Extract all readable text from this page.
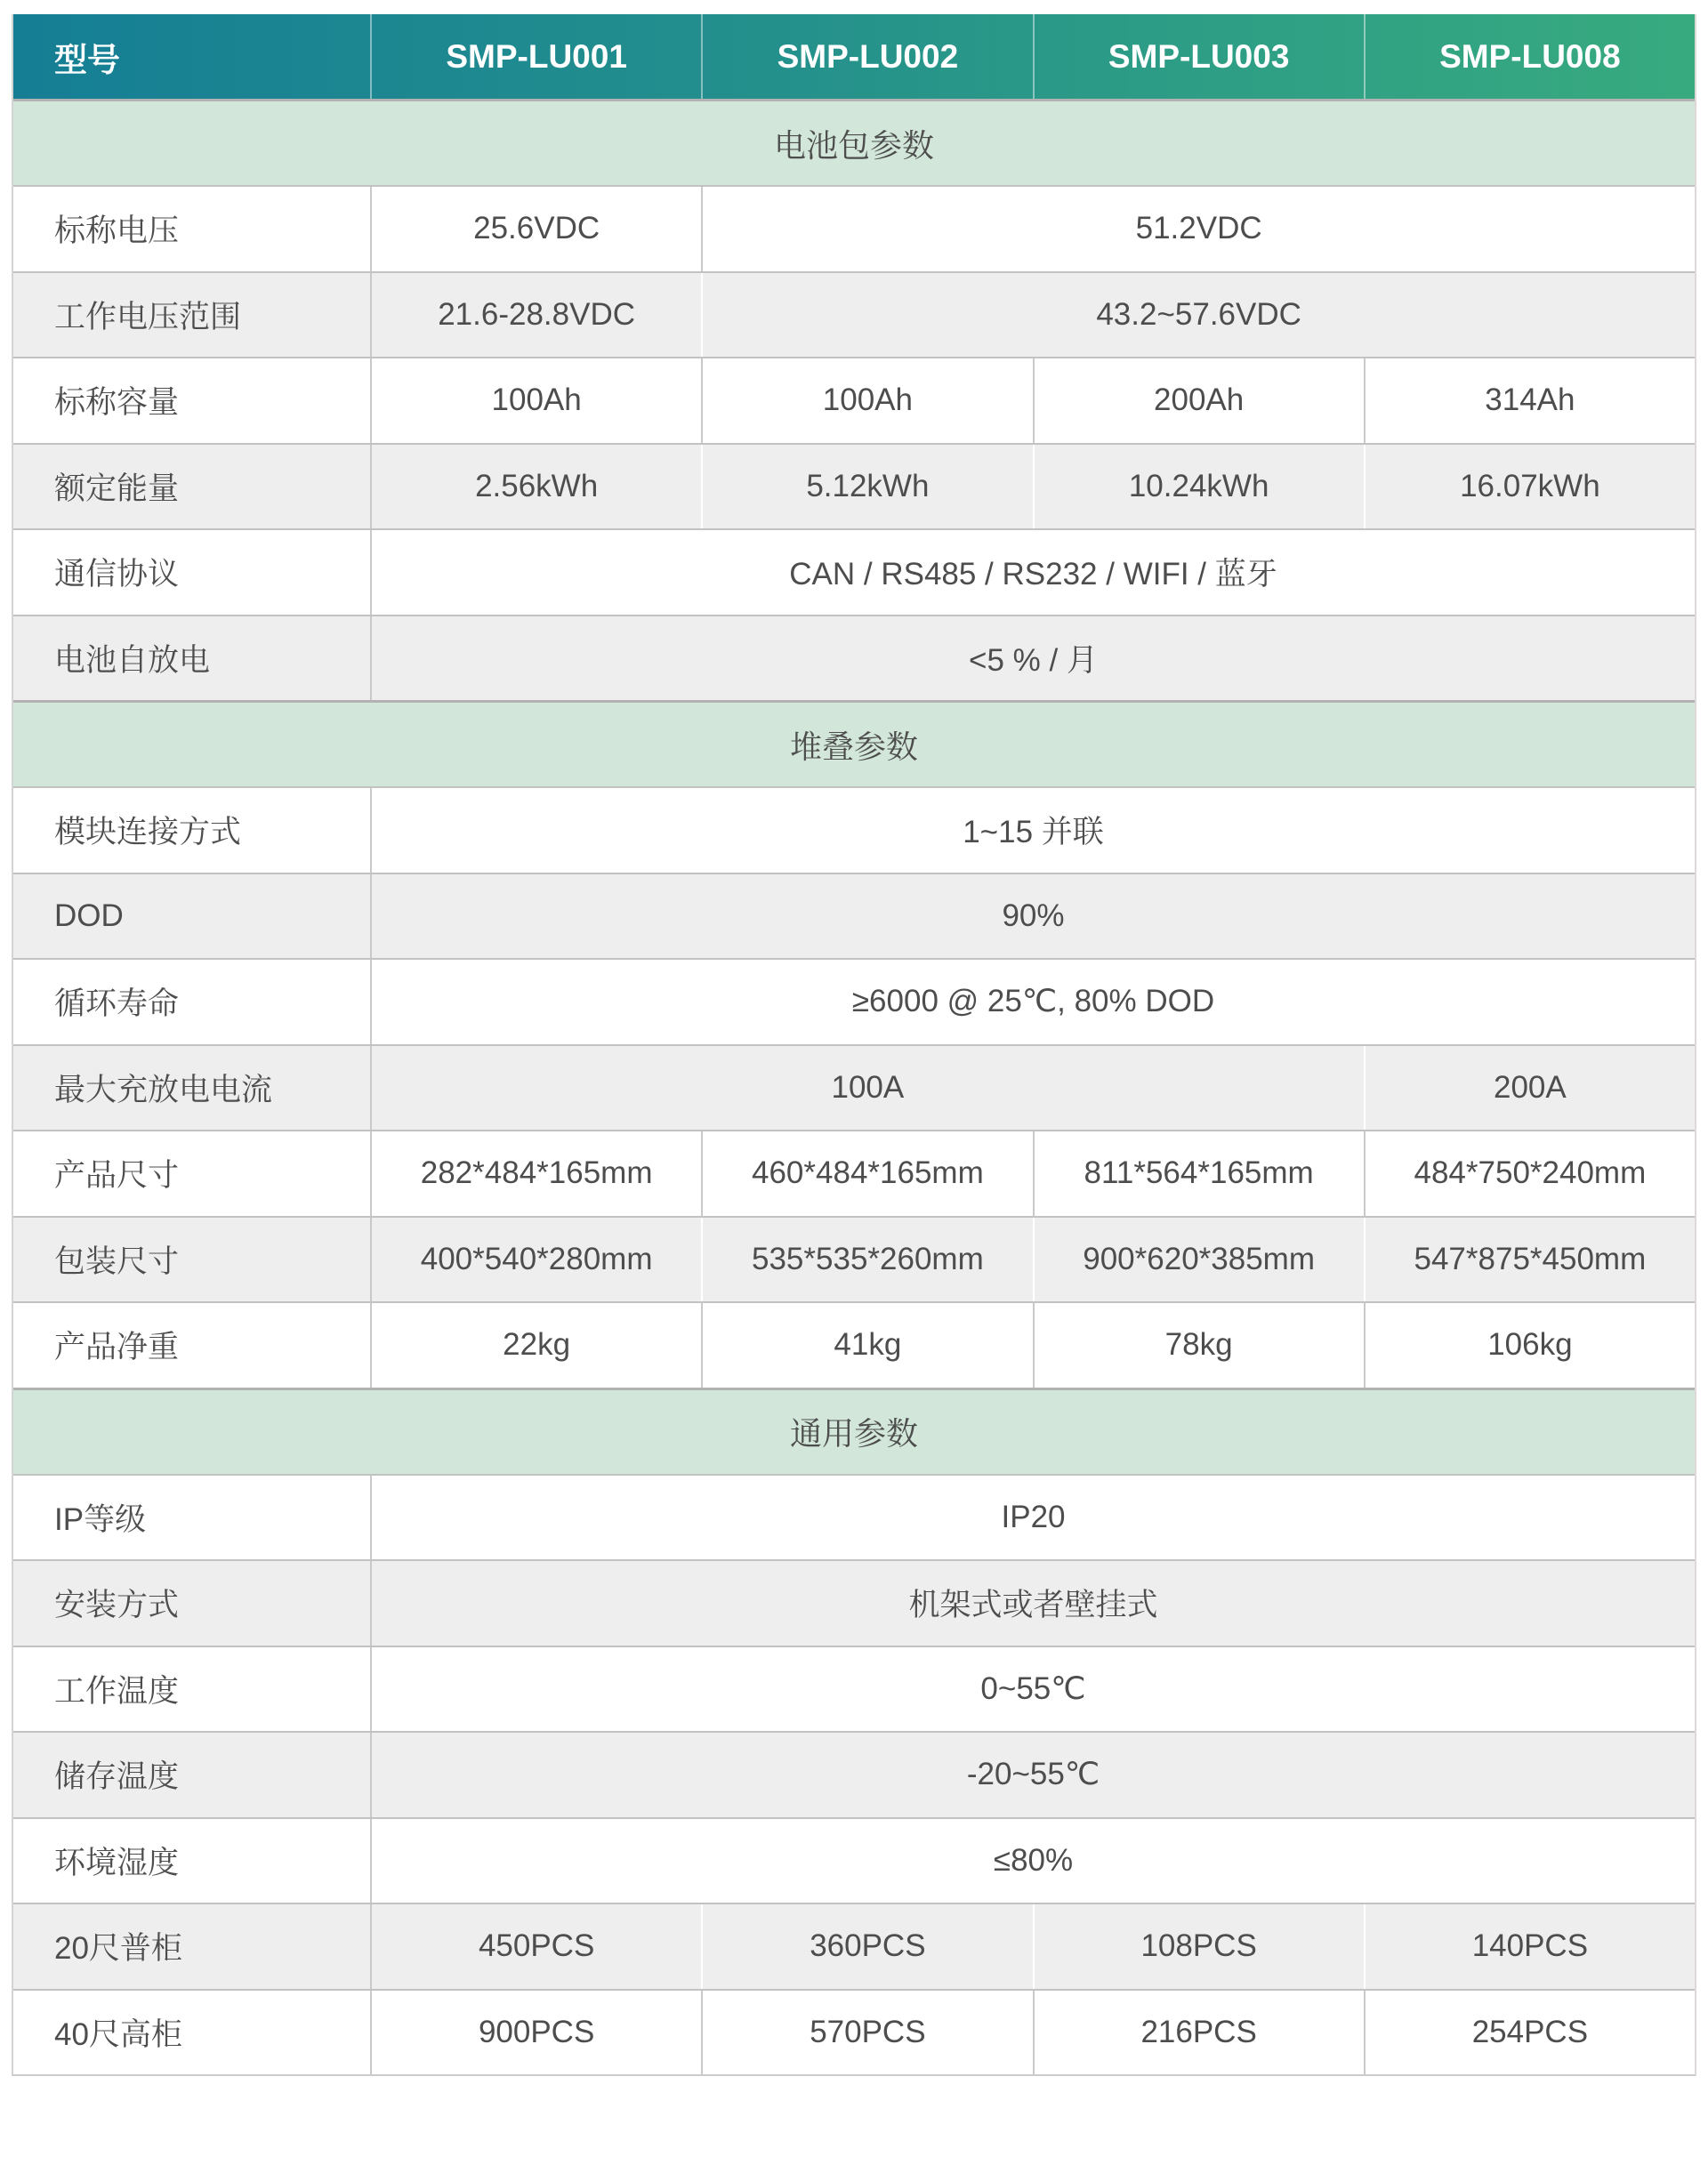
型号	SMP-LU001	SMP-LU002	SMP-LU003	SMP-LU008
电池包参数
标称电压	25.6VDC	51.2VDC
工作电压范围	21.6-28.8VDC	43.2~57.6VDC
标称容量	100Ah	100Ah	200Ah	314Ah
额定能量	2.56kWh	5.12kWh	10.24kWh	16.07kWh
通信协议	CAN / RS485 / RS232 / WIFI / 蓝牙
电池自放电	<5 % / 月
堆叠参数
模块连接方式	1~15 并联
DOD	90%
循环寿命	≥6000 @ 25℃, 80% DOD
最大充放电电流	100A	200A
产品尺寸	282*484*165mm	460*484*165mm	811*564*165mm	484*750*240mm
包装尺寸	400*540*280mm	535*535*260mm	900*620*385mm	547*875*450mm
产品净重	22kg	41kg	78kg	106kg
通用参数
IP等级	IP20
安装方式	机架式或者壁挂式
工作温度	0~55℃
储存温度	-20~55℃
环境湿度	≤80%
20尺普柜	450PCS	360PCS	108PCS	140PCS
40尺高柜	900PCS	570PCS	216PCS	254PCS
